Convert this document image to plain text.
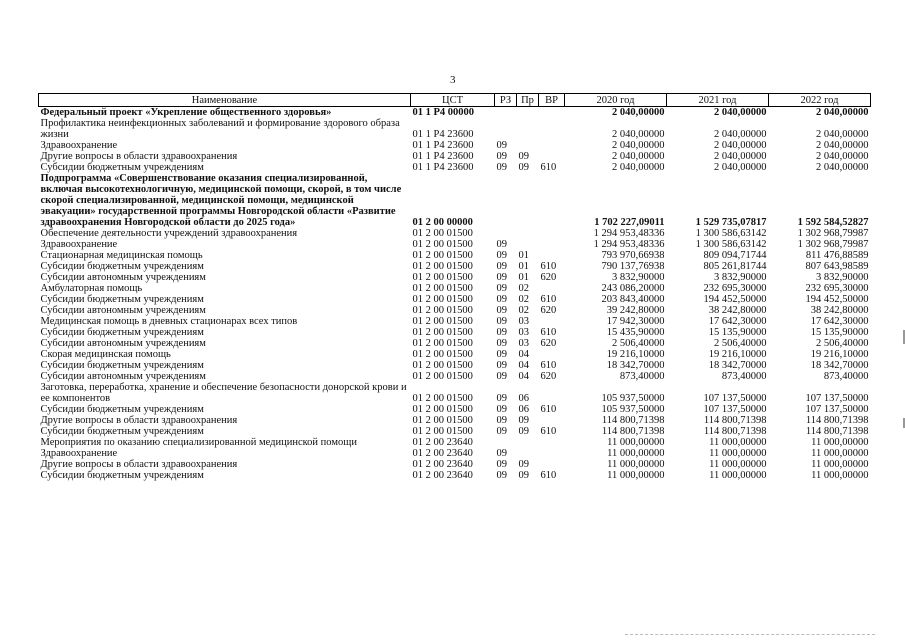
3
Наименование	ЦСТ	РЗ	Пр	ВР	2020 год	2021 год	2022 год
Федеральный проект «Укрепление общественного здоровья»	01 1 P4 00000				2 040,00000	2 040,00000	2 040,00000
Профилактика неинфекционных заболеваний и формирование здорового образа жизни	01 1 P4 23600				2 040,00000	2 040,00000	2 040,00000
Здравоохранение	01 1 P4 23600	09			2 040,00000	2 040,00000	2 040,00000
Другие вопросы в области здравоохранения	01 1 P4 23600	09	09		2 040,00000	2 040,00000	2 040,00000
Субсидии бюджетным учреждениям	01 1 P4 23600	09	09	610	2 040,00000	2 040,00000	2 040,00000
Подпрограмма «Совершенствование оказания специализированной, включая высокотехнологичную, медицинской помощи, скорой, в том числе скорой специализированной, медицинской помощи, медицинской эвакуации» государственной программы Новгородской области «Развитие здравоохранения Новгородской области до 2025 года»	01 2 00 00000				1 702 227,09011	1 529 735,07817	1 592 584,52827
Обеспечение деятельности учреждений здравоохранения	01 2 00 01500				1 294 953,48336	1 300 586,63142	1 302 968,79987
Здравоохранение	01 2 00 01500	09			1 294 953,48336	1 300 586,63142	1 302 968,79987
Стационарная медицинская помощь	01 2 00 01500	09	01		793 970,66938	809 094,71744	811 476,88589
Субсидии бюджетным учреждениям	01 2 00 01500	09	01	610	790 137,76938	805 261,81744	807 643,98589
Субсидии автономным учреждениям	01 2 00 01500	09	01	620	3 832,90000	3 832,90000	3 832,90000
Амбулаторная помощь	01 2 00 01500	09	02		243 086,20000	232 695,30000	232 695,30000
Субсидии бюджетным учреждениям	01 2 00 01500	09	02	610	203 843,40000	194 452,50000	194 452,50000
Субсидии автономным учреждениям	01 2 00 01500	09	02	620	39 242,80000	38 242,80000	38 242,80000
Медицинская помощь в дневных стационарах всех типов	01 2 00 01500	09	03		17 942,30000	17 642,30000	17 642,30000
Субсидии бюджетным учреждениям	01 2 00 01500	09	03	610	15 435,90000	15 135,90000	15 135,90000
Субсидии автономным учреждениям	01 2 00 01500	09	03	620	2 506,40000	2 506,40000	2 506,40000
Скорая медицинская помощь	01 2 00 01500	09	04		19 216,10000	19 216,10000	19 216,10000
Субсидии бюджетным учреждениям	01 2 00 01500	09	04	610	18 342,70000	18 342,70000	18 342,70000
Субсидии автономным учреждениям	01 2 00 01500	09	04	620	873,40000	873,40000	873,40000
Заготовка, переработка, хранение и обеспечение безопасности донорской крови и ее компонентов	01 2 00 01500	09	06		105 937,50000	107 137,50000	107 137,50000
Субсидии бюджетным учреждениям	01 2 00 01500	09	06	610	105 937,50000	107 137,50000	107 137,50000
Другие вопросы в области здравоохранения	01 2 00 01500	09	09		114 800,71398	114 800,71398	114 800,71398
Субсидии бюджетным учреждениям	01 2 00 01500	09	09	610	114 800,71398	114 800,71398	114 800,71398
Мероприятия по оказанию специализированной медицинской помощи	01 2 00 23640				11 000,00000	11 000,00000	11 000,00000
Здравоохранение	01 2 00 23640	09			11 000,00000	11 000,00000	11 000,00000
Другие вопросы в области здравоохранения	01 2 00 23640	09	09		11 000,00000	11 000,00000	11 000,00000
Субсидии бюджетным учреждениям	01 2 00 23640	09	09	610	11 000,00000	11 000,00000	11 000,00000
